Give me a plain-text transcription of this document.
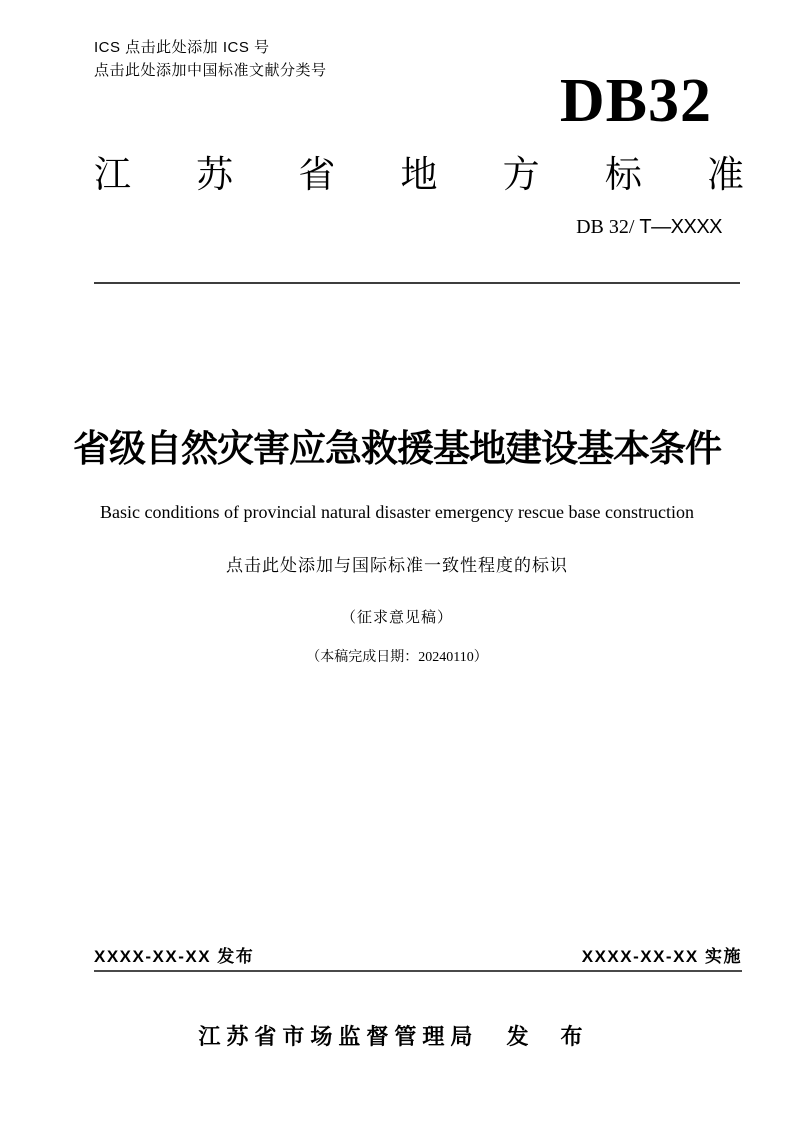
ICS 点击此处添加 ICS 号
点击此处添加中国标准文献分类号	DB32
江苏省地方标准
DB 32/ T—XXXX
省级自然灾害应急救援基地建设基本条件
Basic conditions of provincial natural disaster emergency rescue base construction
点击此处添加与国际标准一致性程度的标识
（征求意见稿）
（本稿完成日期：20240110）
XXXX-XX-XX 发布	XXXX-XX-XX 实施
江苏省市场监督管理局 发 布
